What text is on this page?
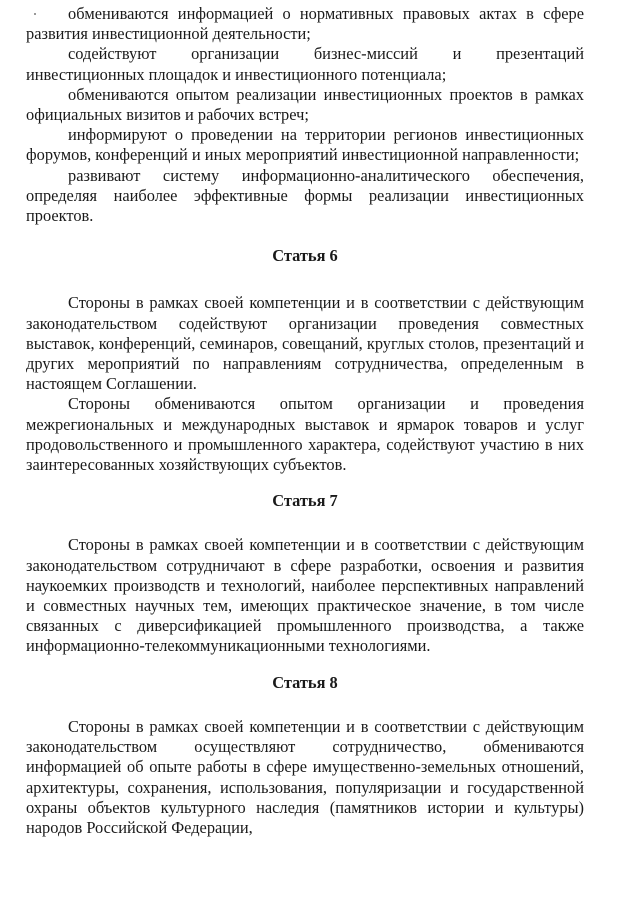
обмениваются информацией о нормативных правовых актах в сфере развития инвестиционной деятельности;

содействуют организации бизнес-миссий и презентаций инвестиционных площадок и инвестиционного потенциала;

обмениваются опытом реализации инвестиционных проектов в рамках официальных визитов и рабочих встреч;

информируют о проведении на территории регионов инвестиционных форумов, конференций и иных мероприятий инвестиционной направленности;

развивают систему информационно-аналитического обеспечения, определяя наиболее эффективные формы реализации инвестиционных проектов.

Статья 6

Стороны в рамках своей компетенции и в соответствии с действующим законодательством содействуют организации проведения совместных выставок, конференций, семинаров, совещаний, круглых столов, презентаций и других мероприятий по направлениям сотрудничества, определенным в настоящем Соглашении.

Стороны обмениваются опытом организации и проведения межрегиональных и международных выставок и ярмарок товаров и услуг продовольственного и промышленного характера, содействуют участию в них заинтересованных хозяйствующих субъектов.

Статья 7

Стороны в рамках своей компетенции и в соответствии с действующим законодательством сотрудничают в сфере разработки, освоения и развития наукоемких производств и технологий, наиболее перспективных направлений и совместных научных тем, имеющих практическое значение, в том числе связанных с диверсификацией промышленного производства, а также информационно-телекоммуникационными технологиями.

Статья 8

Стороны в рамках своей компетенции и в соответствии с действующим законодательством осуществляют сотрудничество, обмениваются информацией об опыте работы в сфере имущественно-земельных отношений, архитектуры, сохранения, использования, популяризации и государственной охраны объектов культурного наследия (памятников истории и культуры) народов Российской Федерации,
